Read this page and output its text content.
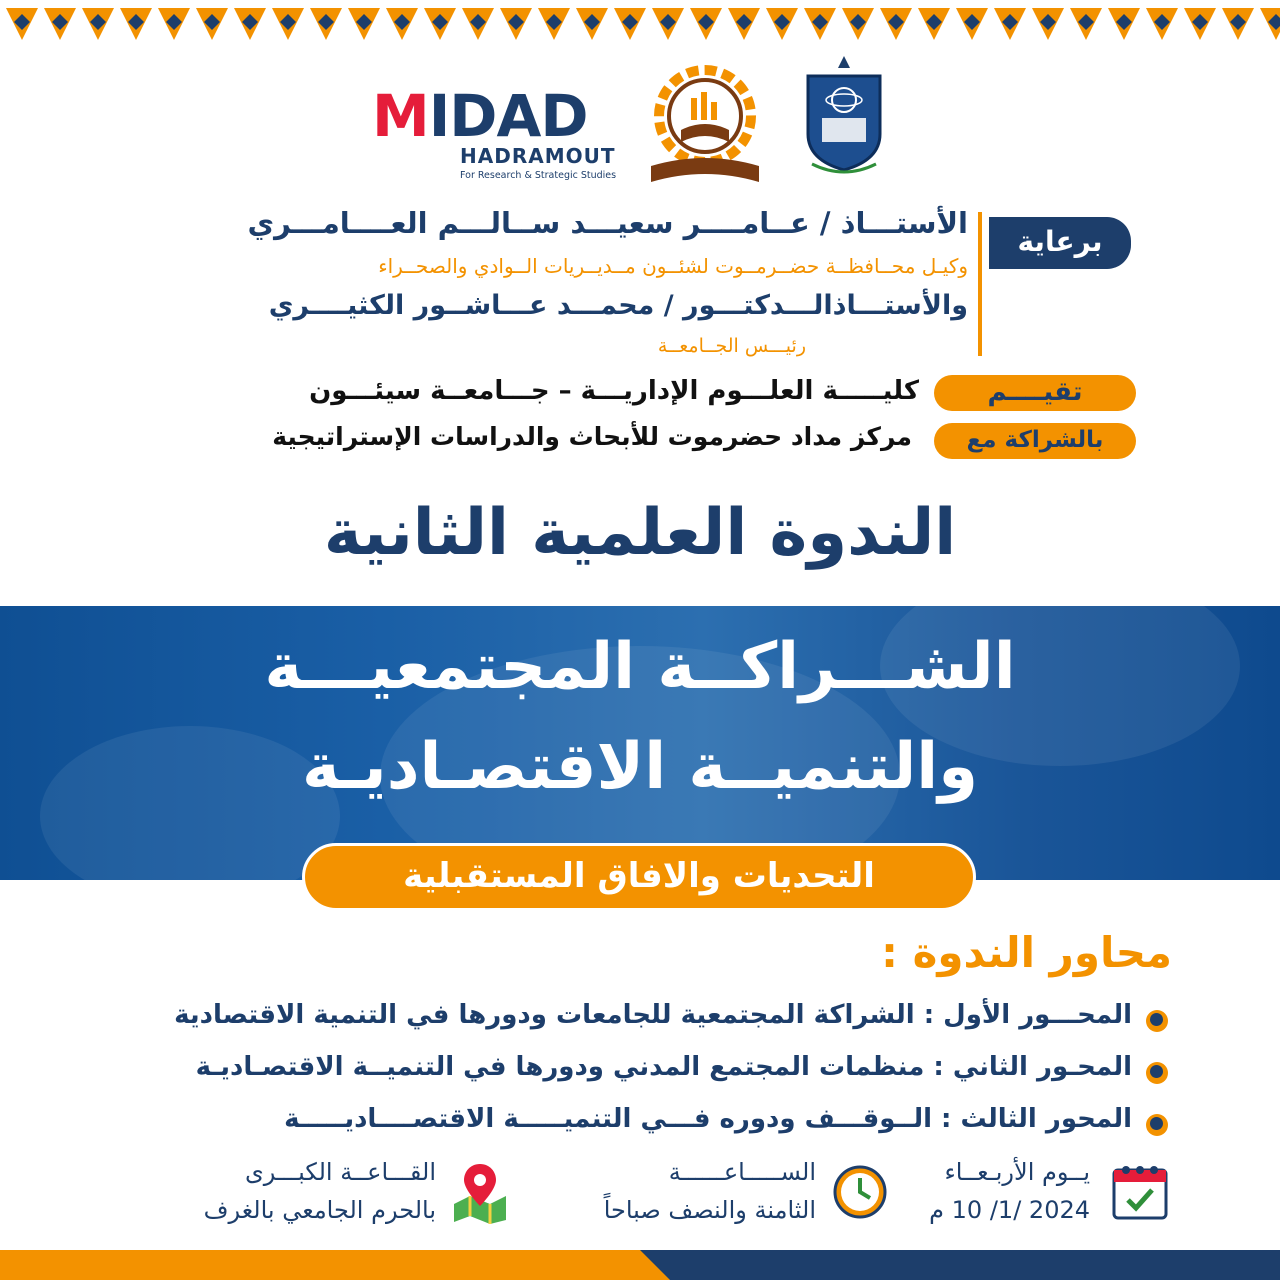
MIDAD
HADRAMOUT
For Research & Strategic Studies
برعاية
الأستـــاذ / عــامــــر سعيـــد ســالـــم العــــامـــري
وكيـل محــافظــة حضــرمــوت لشئــون مــديــريات الــوادي والصحــراء
والأستـــاذالـــدكتـــور / محمـــد عـــاشــور الكثيــــري
رئيـــس الجــامعــة
تقيــــم
كليـــــة العلـــوم الإداريـــة – جـــامعــة سيئـــون
بالشراكة مع
مركز مداد حضرموت للأبحاث والدراسات الإستراتيجية
الندوة العلمية الثانية
الشـــراكــة المجتمعيـــة
والتنميــة الاقتصـاديـة
التحديات والافاق المستقبلية
محاور الندوة :
المحـــور الأول : الشراكة المجتمعية للجامعات ودورها في التنمية الاقتصادية
المحـور الثاني : منظمات المجتمع المدني ودورها في التنميــة الاقتصـاديـة
المحور الثالث : الــوقـــف ودوره فـــي التنميـــــة الاقتصــــاديـــــة
يــوم الأربـعــاء
2024 /1/ 10 م
الســـــاعــــــة
الثامنة والنصف صباحاً
القـــاعــة الكبـــرى
بالحرم الجامعي بالغرف
